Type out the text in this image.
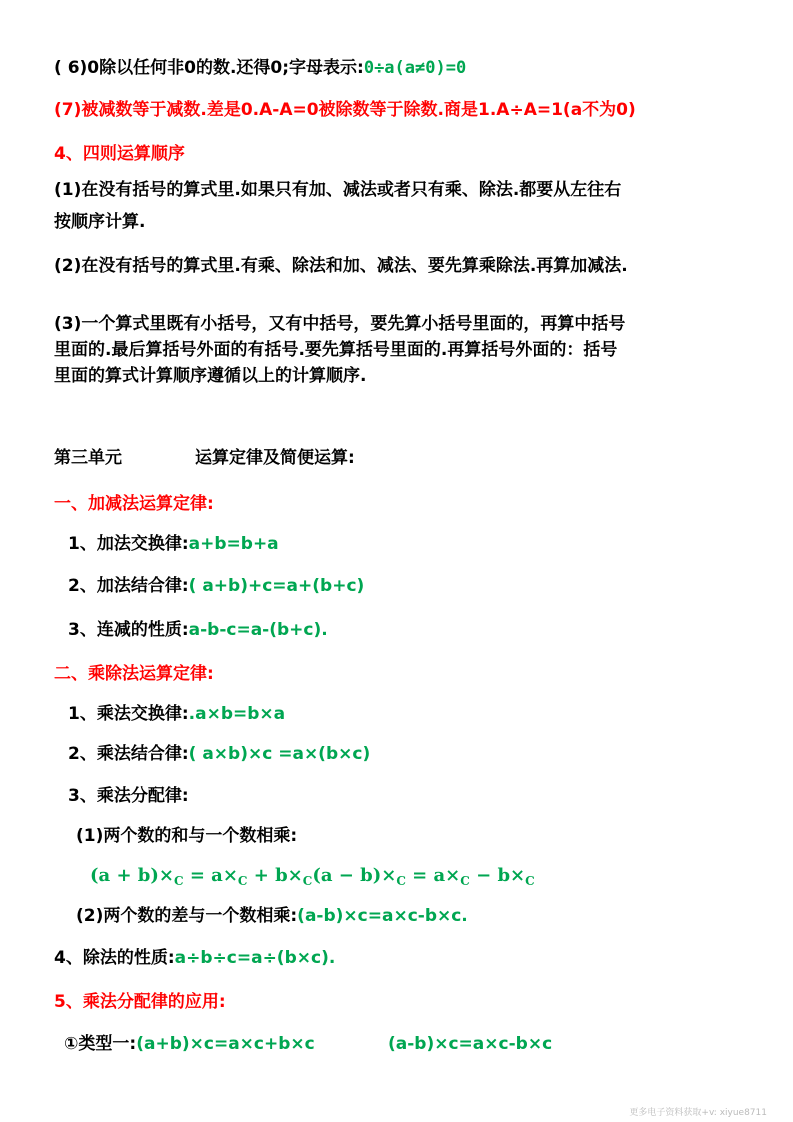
( 6)0除以任何非0的数.还得0;字母表示:0÷a(a≠0)=0
(7)被减数等于减数.差是0.A-A=0被除数等于除数.商是1.A÷A=1(a不为0)
4、四则运算顺序
(1)在没有括号的算式里.如果只有加、减法或者只有乘、除法.都要从左往右
按顺序计算.
(2)在没有括号的算式里.有乘、除法和加、减法、要先算乘除法.再算加减法.
(3)一个算式里既有小括号，又有中括号，要先算小括号里面的，再算中括号
里面的.最后算括号外面的有括号.要先算括号里面的.再算括号外面的：括号
里面的算式计算顺序遵循以上的计算顺序.
第三单元	运算定律及简便运算:
一、加减法运算定律:
1、加法交换律:a+b=b+a
2、加法结合律:( a+b)+c=a+(b+c)
3、连减的性质:a-b-c=a-(b+c).
二、乘除法运算定律:
1、乘法交换律:.a×b=b×a
2、乘法结合律:( a×b)×c =a×(b×c)
3、乘法分配律:
(1)两个数的和与一个数相乘:
$(a + b)\times_C = a\times_C + b\times_C(a - b)\times_C = a\times_C - b\times_C$
(2)两个数的差与一个数相乘:(a-b)×c=a×c-b×c.
4、除法的性质:a÷b÷c=a÷(b×c).
5、乘法分配律的应用:
①类型一:(a+b)×c=a×c+b×c	(a-b)×c=a×c-b×c
更多电子资料获取+v: xiyue8711
